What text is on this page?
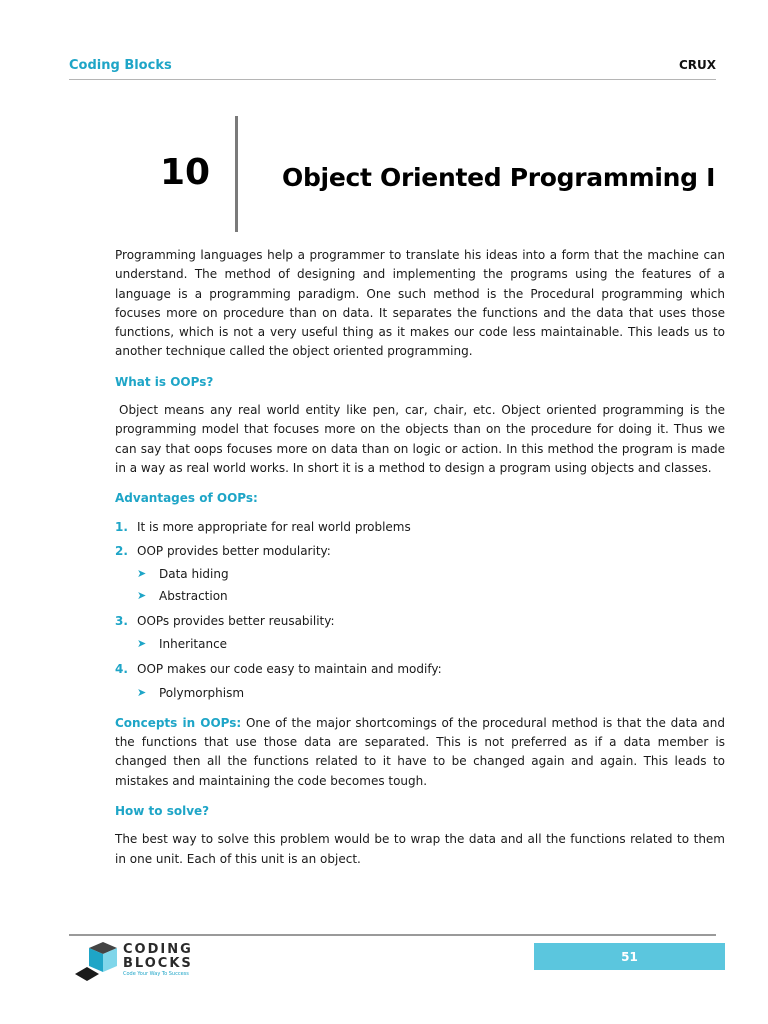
Coding Blocks	CRUX
10	Object Oriented Programming I

Programming languages help a programmer to translate his ideas into a form that the machine can understand. The method of designing and implementing the programs using the features of a language is a programming paradigm. One such method is the Procedural programming which focuses more on procedure than on data. It separates the functions and the data that uses those functions, which is not a very useful thing as it makes our code less maintainable. This leads us to another technique called the object oriented programming.

What is OOPs?

Object means any real world entity like pen, car, chair, etc. Object oriented programming is the programming model that focuses more on the objects than on the procedure for doing it. Thus we can say that oops focuses more on data than on logic or action. In this method the program is made in a way as real world works. In short it is a method to design a program using objects and classes.

Advantages of OOPs:
1. It is more appropriate for real world problems
2. OOP provides better modularity:
➤ Data hiding
➤ Abstraction
3. OOPs provides better reusability:
➤ Inheritance
4. OOP makes our code easy to maintain and modify:
➤ Polymorphism

Concepts in OOPs: One of the major shortcomings of the procedural method is that the data and the functions that use those data are separated. This is not preferred as if a data member is changed then all the functions related to it have to be changed again and again. This leads to mistakes and maintaining the code becomes tough.

How to solve?

The best way to solve this problem would be to wrap the data and all the functions related to them in one unit. Each of this unit is an object.

CODING
BLOCKS
Code Your Way To Success
51
